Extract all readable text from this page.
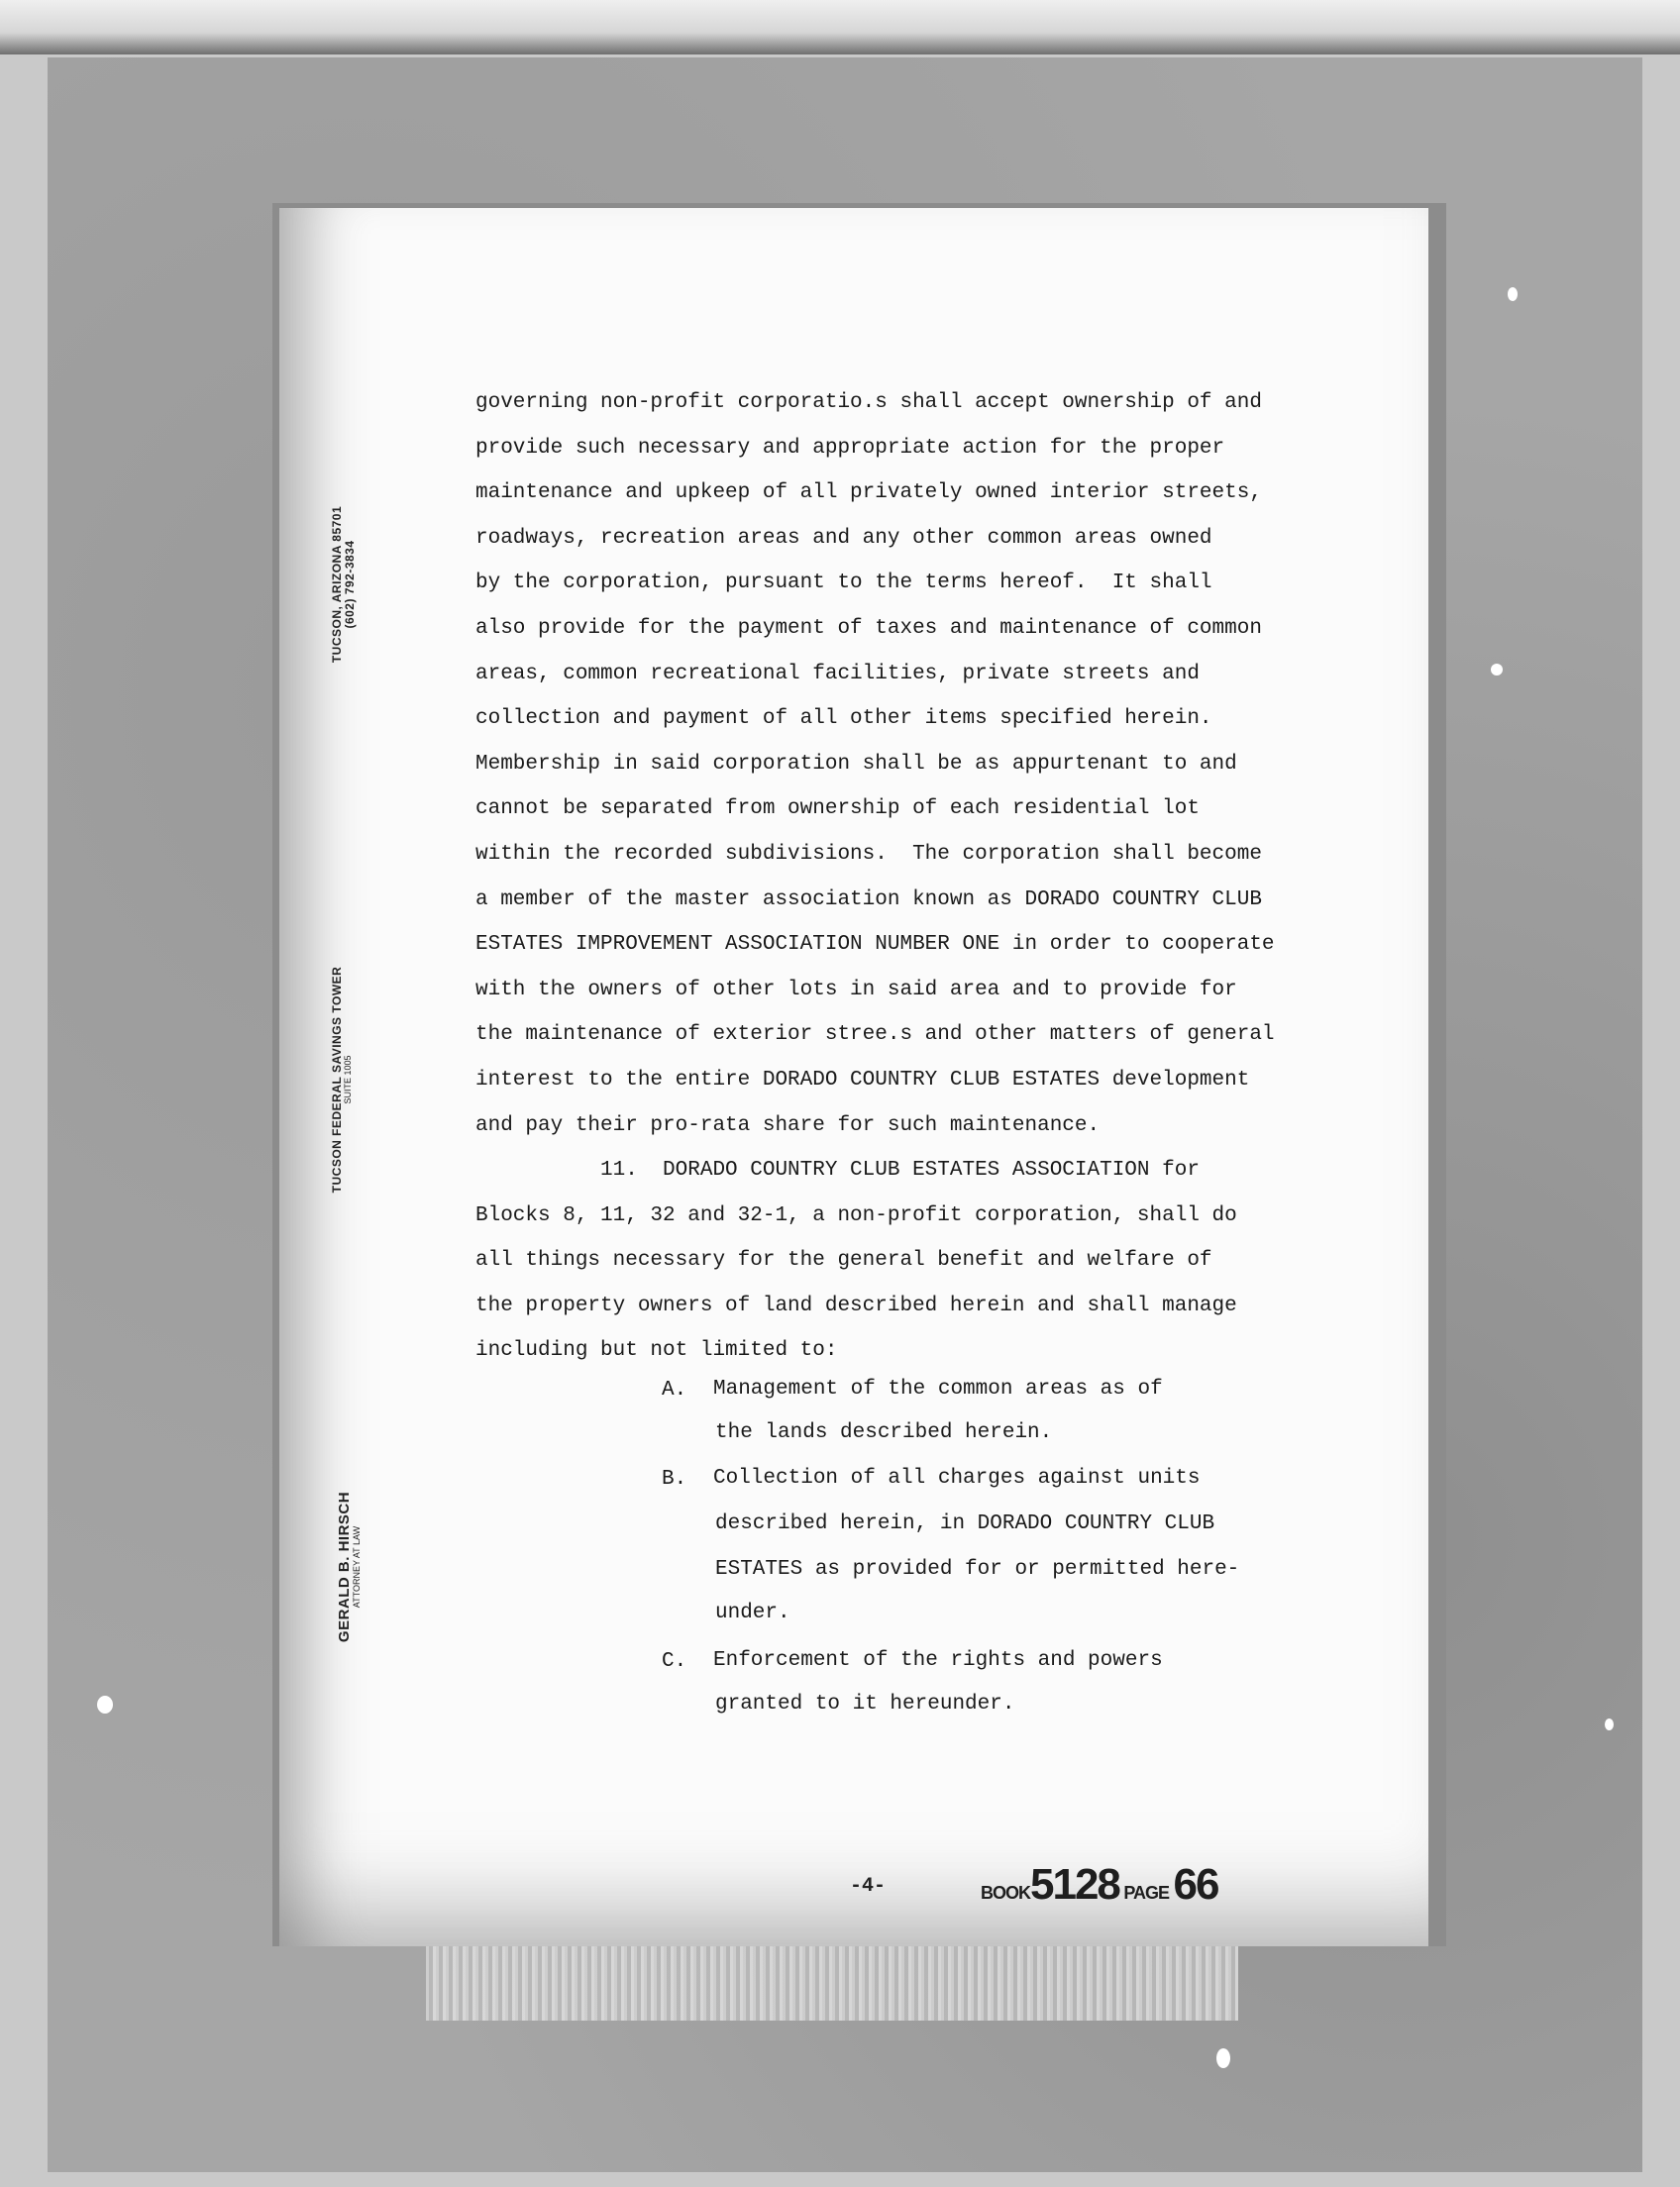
TUCSON, ARIZONA 85701
(602) 792-3834
TUCSON FEDERAL SAVINGS TOWER
SUITE 1005
GERALD B. HIRSCH
ATTORNEY AT LAW
governing non-profit corporatio.s shall accept ownership of and
provide such necessary and appropriate action for the proper
maintenance and upkeep of all privately owned interior streets,
roadways, recreation areas and any other common areas owned
by the corporation, pursuant to the terms hereof.  It shall
also provide for the payment of taxes and maintenance of common
areas, common recreational facilities, private streets and
collection and payment of all other items specified herein.
Membership in said corporation shall be as appurtenant to and
cannot be separated from ownership of each residential lot
within the recorded subdivisions.  The corporation shall become
a member of the master association known as DORADO COUNTRY CLUB
ESTATES IMPROVEMENT ASSOCIATION NUMBER ONE in order to cooperate
with the owners of other lots in said area and to provide for
the maintenance of exterior stree.s and other matters of general
interest to the entire DORADO COUNTRY CLUB ESTATES development
and pay their pro-rata share for such maintenance.
11.  DORADO COUNTRY CLUB ESTATES ASSOCIATION for
Blocks 8, 11, 32 and 32-1, a non-profit corporation, shall do
all things necessary for the general benefit and welfare of
the property owners of land described herein and shall manage
including but not limited to:
A. Management of the common areas as of
the lands described herein.
B. Collection of all charges against units
described herein, in DORADO COUNTRY CLUB
ESTATES as provided for or permitted here-
under.
C. Enforcement of the rights and powers
granted to it hereunder.
-4-	BOOK5128 PAGE 66
